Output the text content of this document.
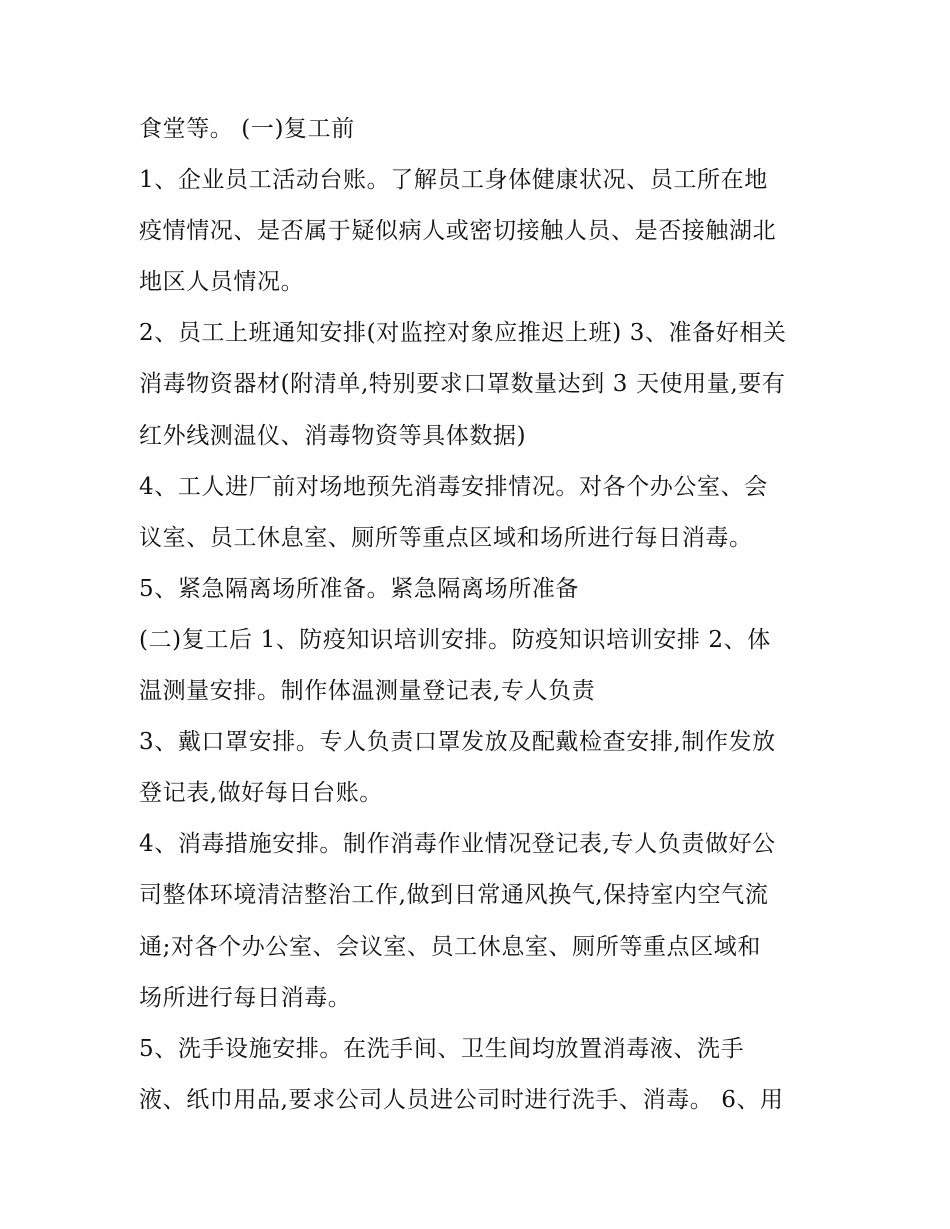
食堂等。 (一)复工前
1、企业员工活动台账。了解员工身体健康状况、员工所在地
疫情情况、是否属于疑似病人或密切接触人员、是否接触湖北
地区人员情况。
2、员工上班通知安排(对监控对象应推迟上班) 3、准备好相关
消毒物资器材(附清单,特别要求口罩数量达到 3 天使用量,要有
红外线测温仪、消毒物资等具体数据)
4、工人进厂前对场地预先消毒安排情况。对各个办公室、会
议室、员工休息室、厕所等重点区域和场所进行每日消毒。
5、紧急隔离场所准备。紧急隔离场所准备
(二)复工后 1、防疫知识培训安排。防疫知识培训安排 2、体
温测量安排。制作体温测量登记表,专人负责
3、戴口罩安排。专人负责口罩发放及配戴检查安排,制作发放
登记表,做好每日台账。
4、消毒措施安排。制作消毒作业情况登记表,专人负责做好公
司整体环境清洁整治工作,做到日常通风换气,保持室内空气流
通;对各个办公室、会议室、员工休息室、厕所等重点区域和
场所进行每日消毒。
5、洗手设施安排。在洗手间、卫生间均放置消毒液、洗手
液、纸巾用品,要求公司人员进公司时进行洗手、消毒。 6、用
